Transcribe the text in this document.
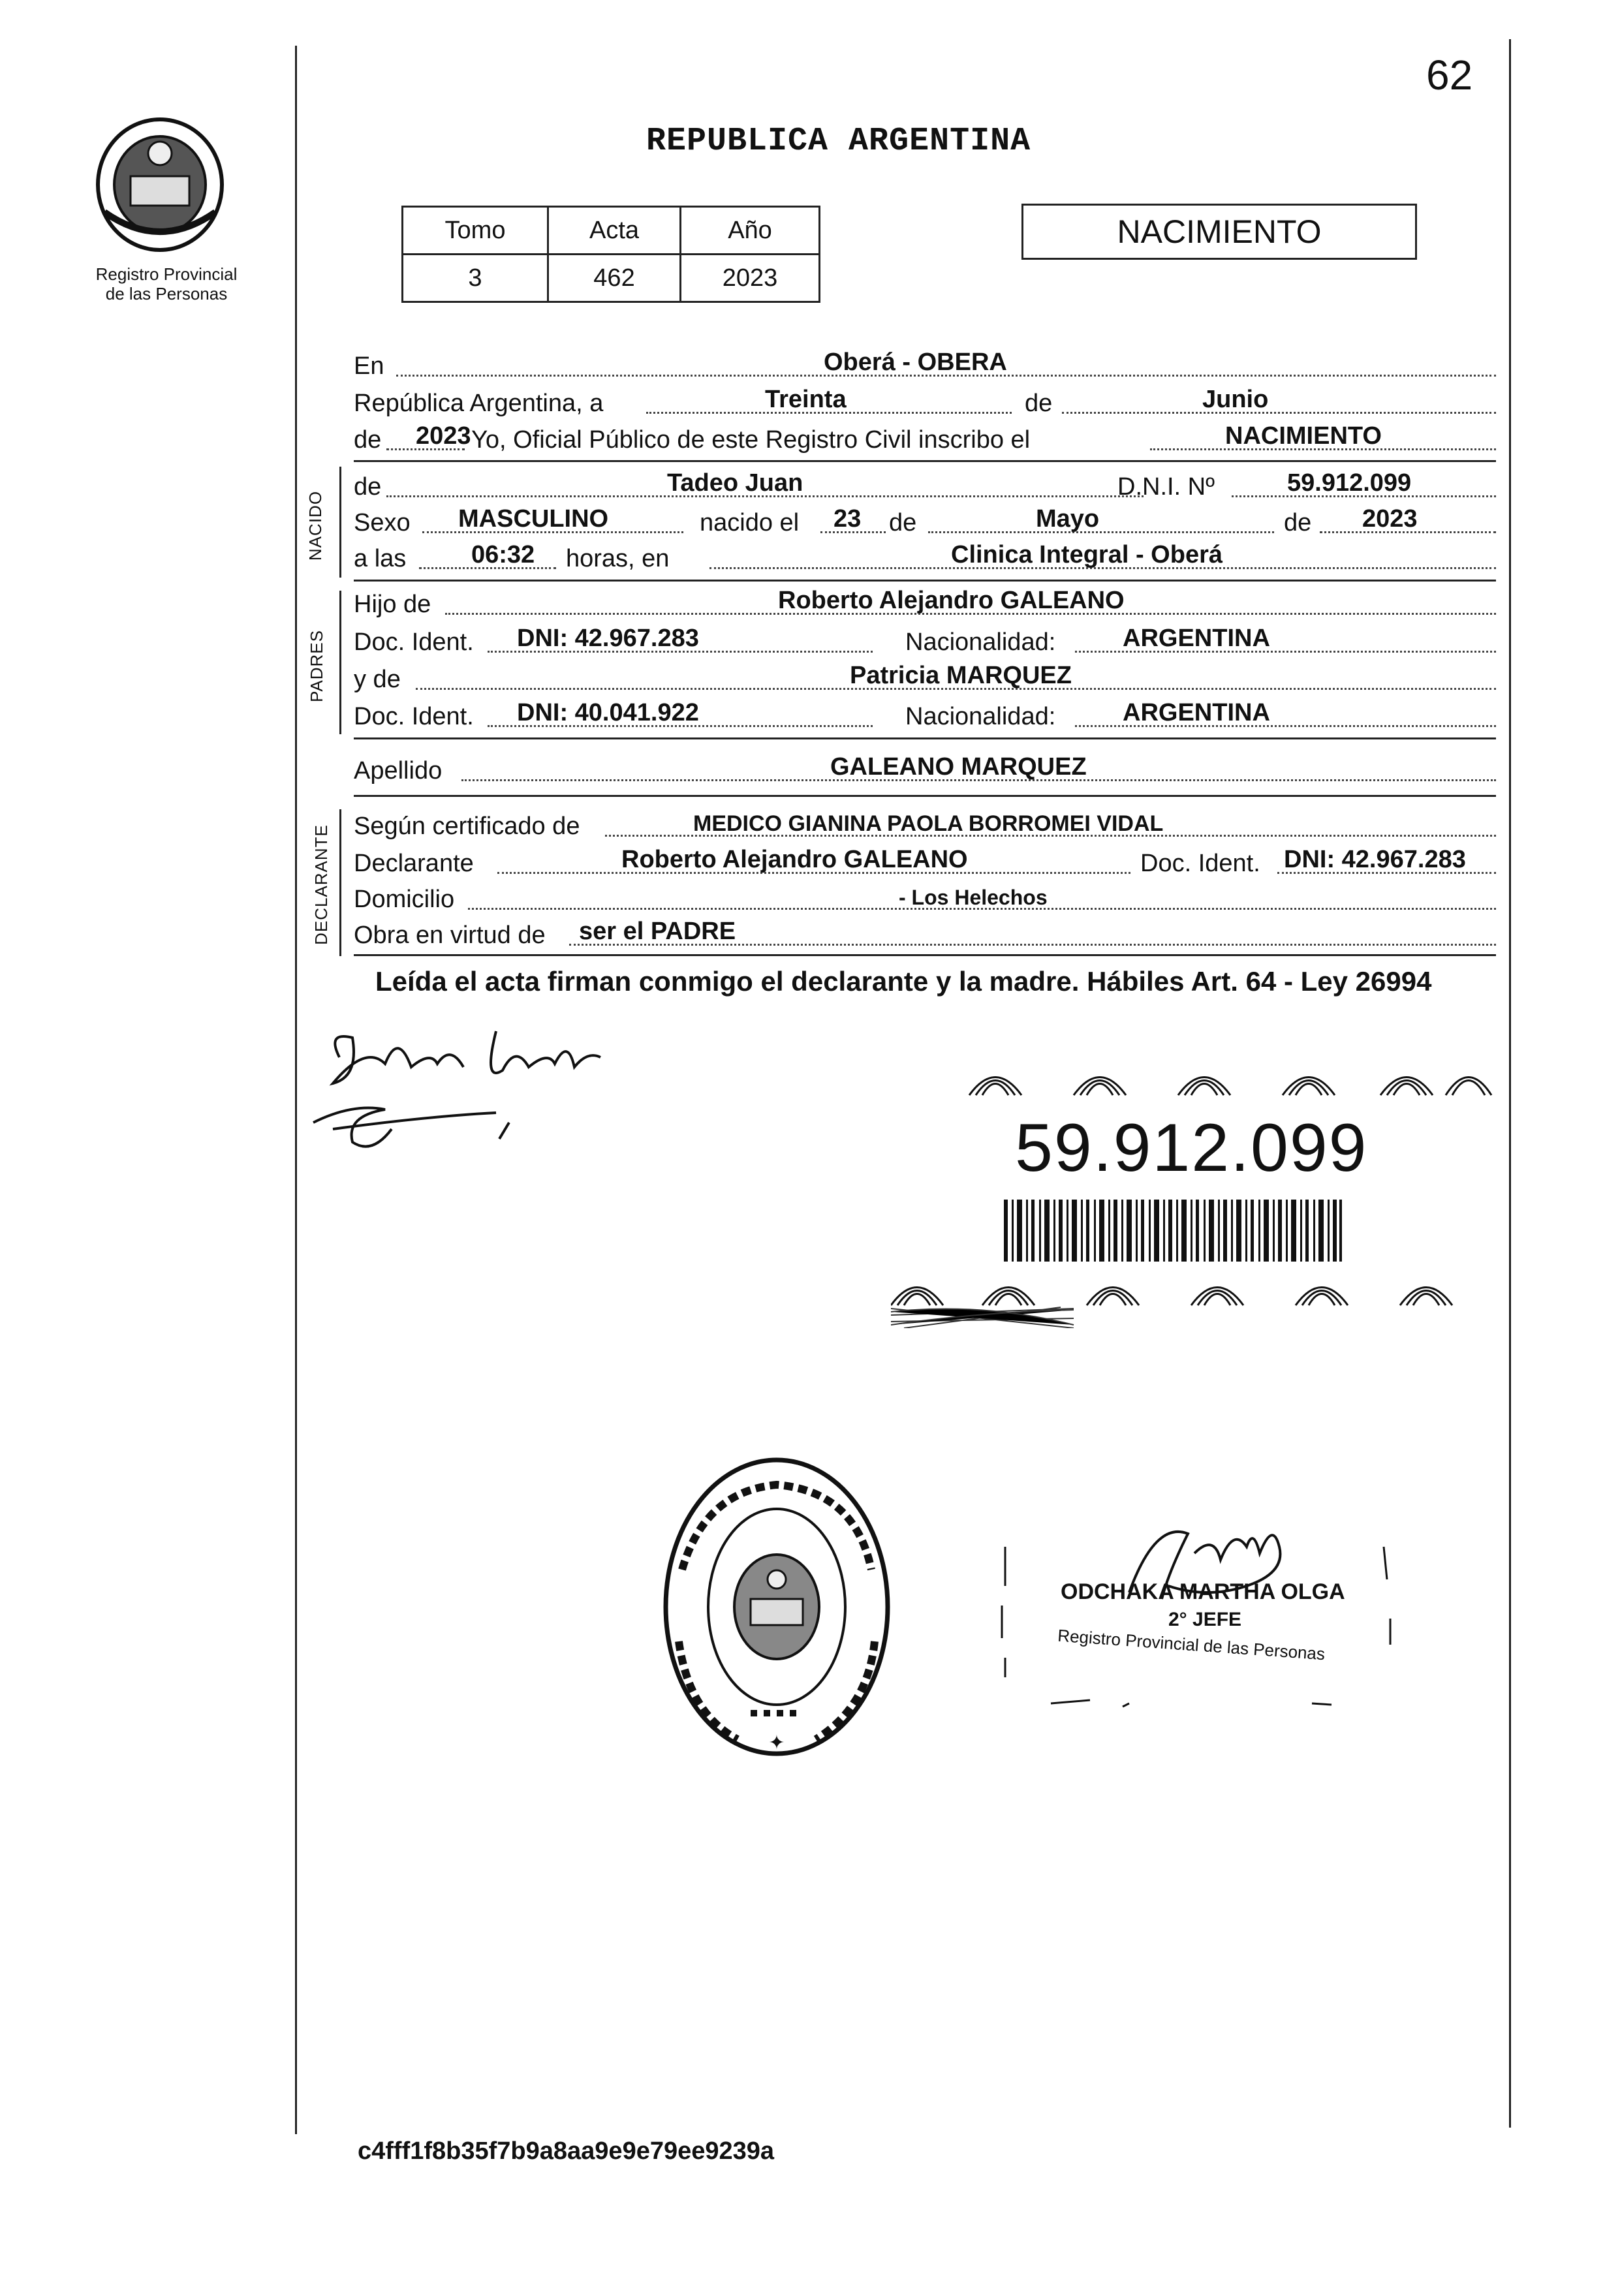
62
Registro Provincial
de las Personas
REPUBLICA ARGENTINA
Tomo	Acta	Año
3	462	2023
NACIMIENTO
En	Oberá - OBERA
República Argentina, a	Treinta	de	Junio
de 2023 Yo, Oficial Público de este Registro Civil inscribo el	NACIMIENTO
NACIDO
de	Tadeo Juan	D.N.I. Nº	59.912.099
Sexo MASCULINO	nacido el 23 de	Mayo	de 2023
a las	06:32 horas, en	Clinica Integral - Oberá
PADRES
Hijo de	Roberto Alejandro GALEANO
Doc. Ident. DNI: 42.967.283	Nacionalidad:	ARGENTINA
y de	Patricia MARQUEZ
Doc. Ident. DNI: 40.041.922	Nacionalidad:	ARGENTINA
Apellido	GALEANO MARQUEZ
DECLARANTE Según certificado de	MEDICO GIANINA PAOLA BORROMEI VIDAL
Declarante	Roberto Alejandro GALEANO	Doc. Ident. DNI: 42.967.283
Domicilio	- Los Helechos
Obra en virtud de ser el PADRE
Leída el acta firman conmigo el declarante y la madre. Hábiles Art. 64 - Ley 26994
59.912.099
✦
ODCHAKA MARTHA OLGA
2° JEFE
Registro Provincial de las Personas
c4fff1f8b35f7b9a8aa9e9e79ee9239a
